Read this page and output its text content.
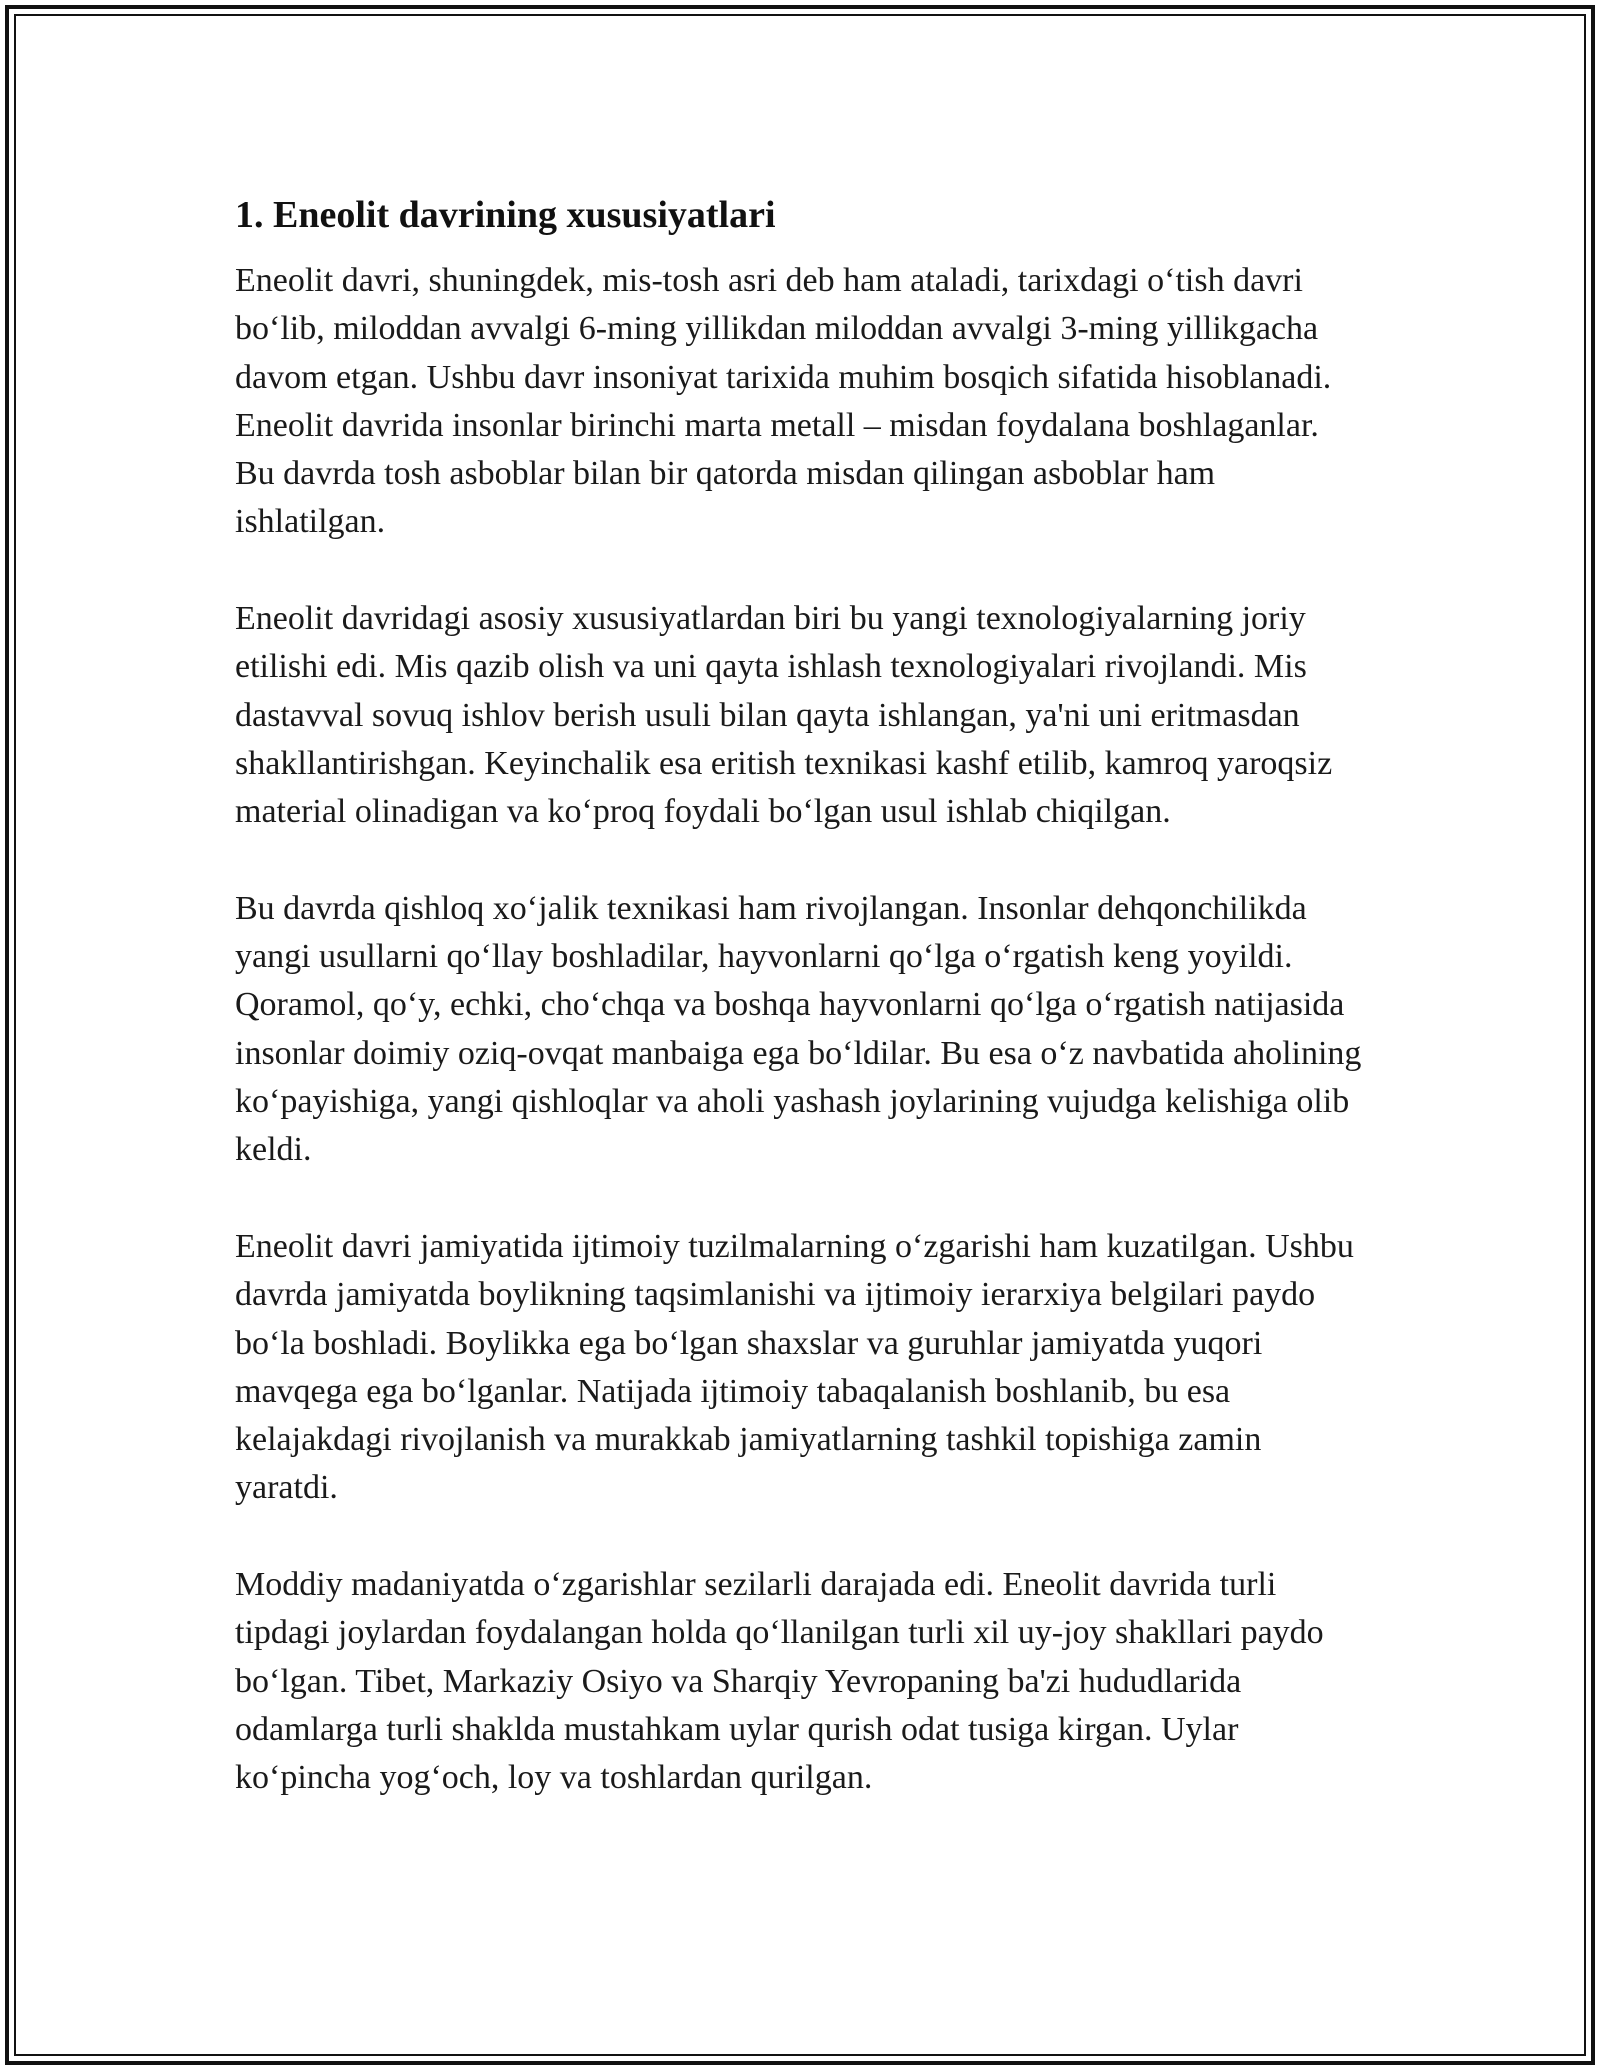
1. Eneolit davrining xususiyatlari

Eneolit davri, shuningdek, mis-tosh asri deb ham ataladi, tarixdagi o‘tish davri bo‘lib, miloddan avvalgi 6-ming yillikdan miloddan avvalgi 3-ming yillikgacha davom etgan. Ushbu davr insoniyat tarixida muhim bosqich sifatida hisoblanadi. Eneolit davrida insonlar birinchi marta metall – misdan foydalana boshlaganlar. Bu davrda tosh asboblar bilan bir qatorda misdan qilingan asboblar ham ishlatilgan.

Eneolit davridagi asosiy xususiyatlardan biri bu yangi texnologiyalarning joriy etilishi edi. Mis qazib olish va uni qayta ishlash texnologiyalari rivojlandi. Mis dastavval sovuq ishlov berish usuli bilan qayta ishlangan, ya'ni uni eritmasdan shakllantirishgan. Keyinchalik esa eritish texnikasi kashf etilib, kamroq yaroqsiz material olinadigan va ko‘proq foydali bo‘lgan usul ishlab chiqilgan.

Bu davrda qishloq xo‘jalik texnikasi ham rivojlangan. Insonlar dehqonchilikda yangi usullarni qo‘llay boshladilar, hayvonlarni qo‘lga o‘rgatish keng yoyildi. Qoramol, qo‘y, echki, cho‘chqa va boshqa hayvonlarni qo‘lga o‘rgatish natijasida insonlar doimiy oziq-ovqat manbaiga ega bo‘ldilar. Bu esa o‘z navbatida aholining ko‘payishiga, yangi qishloqlar va aholi yashash joylarining vujudga kelishiga olib keldi.

Eneolit davri jamiyatida ijtimoiy tuzilmalarning o‘zgarishi ham kuzatilgan. Ushbu davrda jamiyatda boylikning taqsimlanishi va ijtimoiy ierarxiya belgilari paydo bo‘la boshladi. Boylikka ega bo‘lgan shaxslar va guruhlar jamiyatda yuqori mavqega ega bo‘lganlar. Natijada ijtimoiy tabaqalanish boshlanib, bu esa kelajakdagi rivojlanish va murakkab jamiyatlarning tashkil topishiga zamin yaratdi.

Moddiy madaniyatda o‘zgarishlar sezilarli darajada edi. Eneolit davrida turli tipdagi joylardan foydalangan holda qo‘llanilgan turli xil uy-joy shakllari paydo bo‘lgan. Tibet, Markaziy Osiyo va Sharqiy Yevropaning ba'zi hududlarida odamlarga turli shaklda mustahkam uylar qurish odat tusiga kirgan. Uylar ko‘pincha yog‘och, loy va toshlardan qurilgan.
